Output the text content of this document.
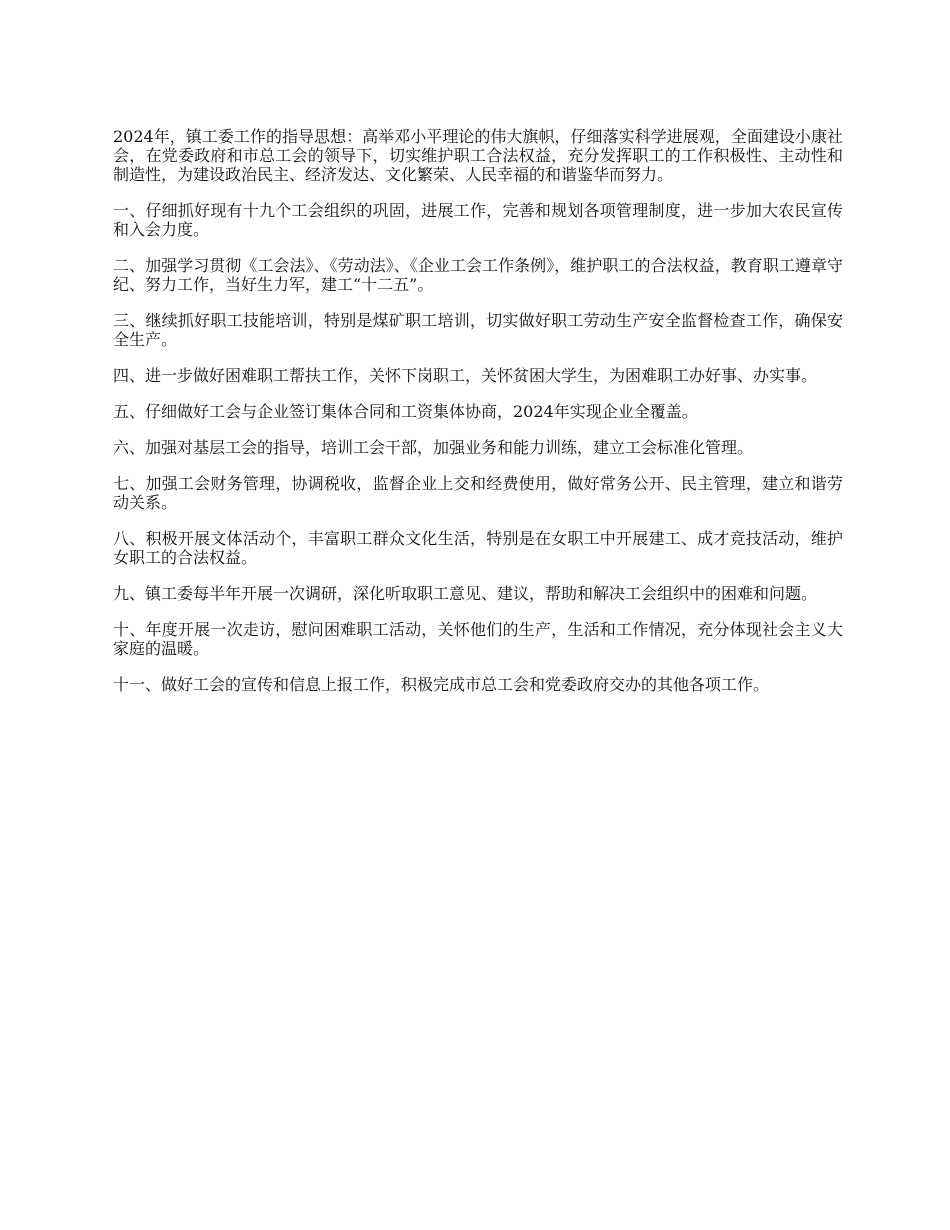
2024年，镇工委工作的指导思想：高举邓小平理论的伟大旗帜，仔细落实科学进展观，全面建设小康社会，在党委政府和市总工会的领导下，切实维护职工合法权益，充分发挥职工的工作积极性、主动性和制造性，为建设政治民主、经济发达、文化繁荣、人民幸福的和谐鉴华而努力。

一、仔细抓好现有十九个工会组织的巩固，进展工作，完善和规划各项管理制度，进一步加大农民宣传和入会力度。

二、加强学习贯彻《工会法》、《劳动法》、《企业工会工作条例》，维护职工的合法权益，教育职工遵章守纪、努力工作，当好生力军，建工“十二五”。

三、继续抓好职工技能培训，特别是煤矿职工培训，切实做好职工劳动生产安全监督检查工作，确保安全生产。

四、进一步做好困难职工帮扶工作，关怀下岗职工，关怀贫困大学生，为困难职工办好事、办实事。

五、仔细做好工会与企业签订集体合同和工资集体协商，2024年实现企业全覆盖。

六、加强对基层工会的指导，培训工会干部，加强业务和能力训练，建立工会标准化管理。

七、加强工会财务管理，协调税收，监督企业上交和经费使用，做好常务公开、民主管理，建立和谐劳动关系。

八、积极开展文体活动个，丰富职工群众文化生活，特别是在女职工中开展建工、成才竞技活动，维护女职工的合法权益。

九、镇工委每半年开展一次调研，深化听取职工意见、建议，帮助和解决工会组织中的困难和问题。

十、年度开展一次走访，慰问困难职工活动，关怀他们的生产，生活和工作情况，充分体现社会主义大家庭的温暖。

十一、做好工会的宣传和信息上报工作，积极完成市总工会和党委政府交办的其他各项工作。
